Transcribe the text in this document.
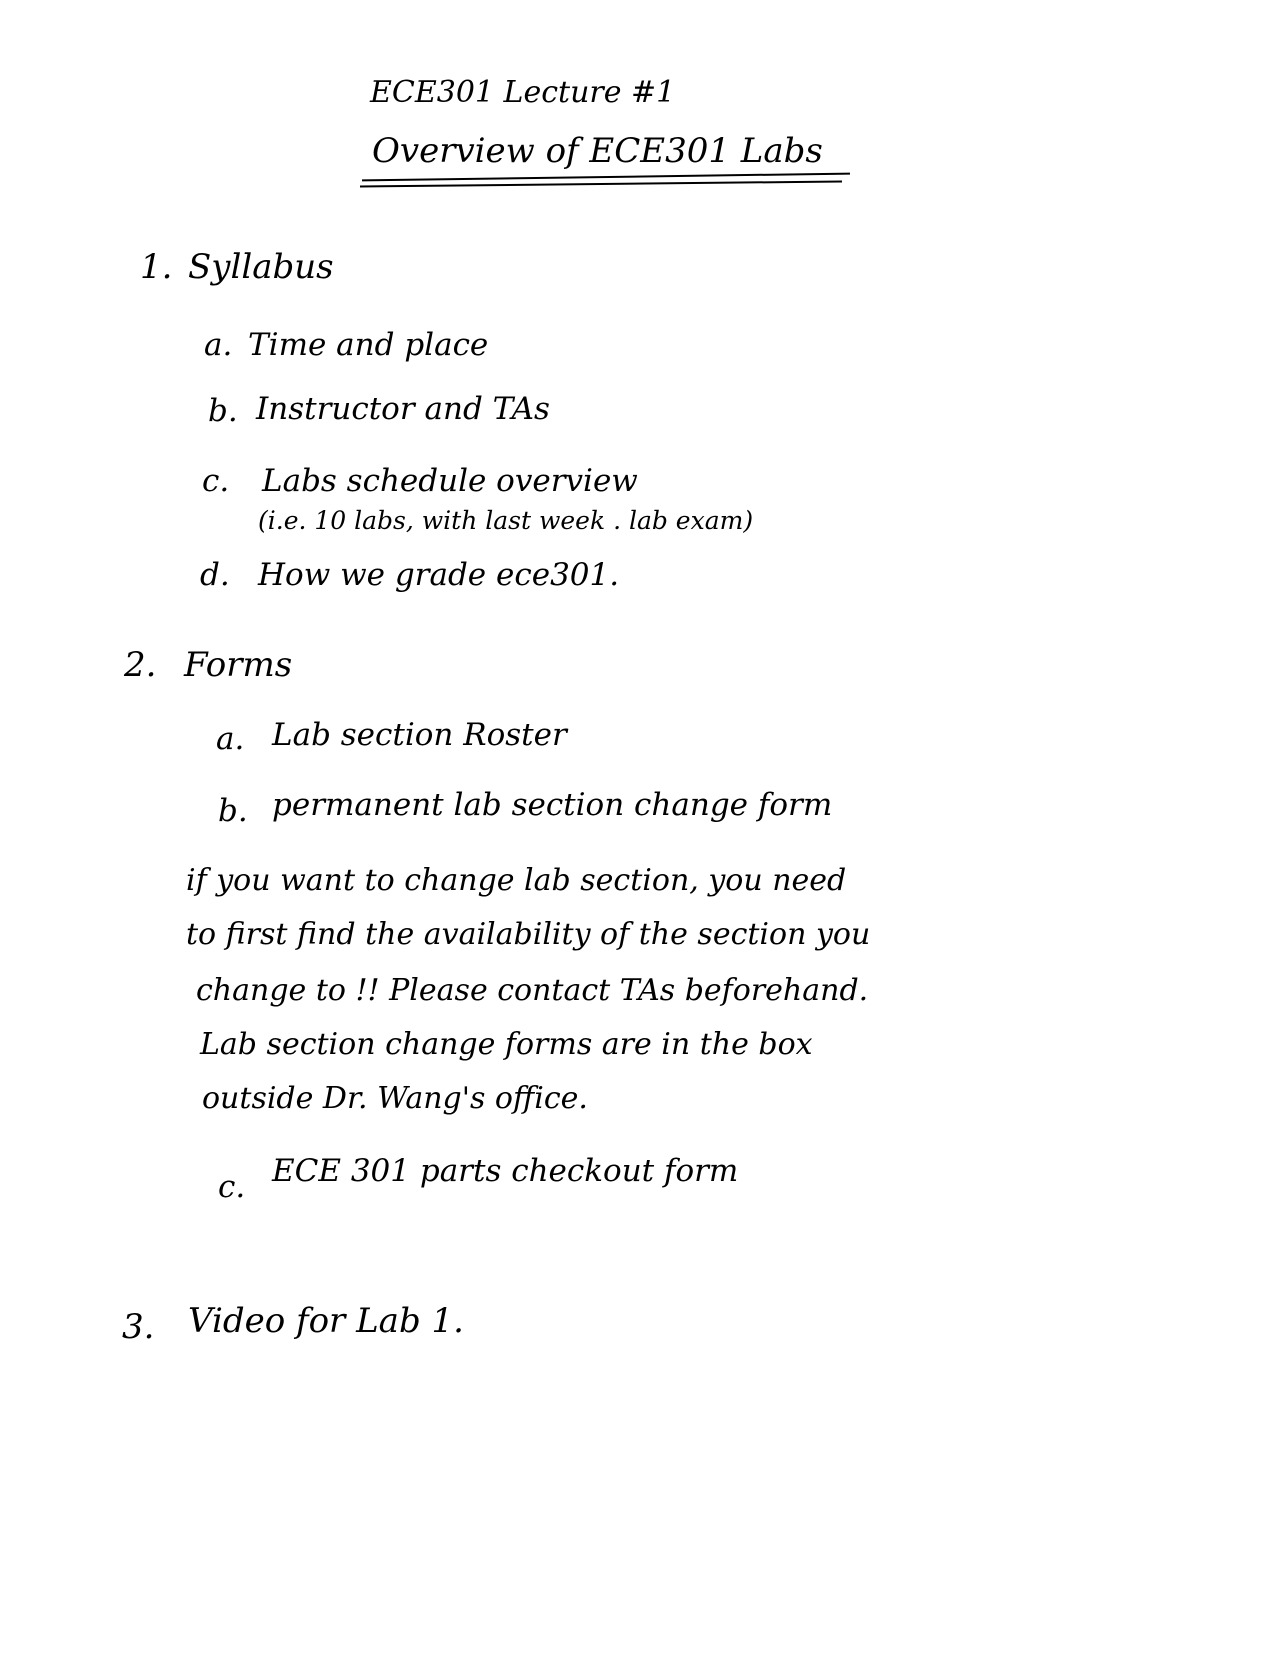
ECE301 Lecture #1
Overview of ECE301 Labs
1. Syllabus
a. Time and place
b. Instructor and TAs
c. Labs schedule overview
(i.e. 10 labs, with last week . lab exam)
d. How we grade ece301.
2. Forms
a. Lab section Roster
b. permanent lab section change form
if you want to change lab section, you need
to first find the availability of the section you
change to !! Please contact TAs beforehand.
Lab section change forms are in the box
outside Dr. Wang's office.
c. ECE 301 parts checkout form
3. Video for Lab 1.
